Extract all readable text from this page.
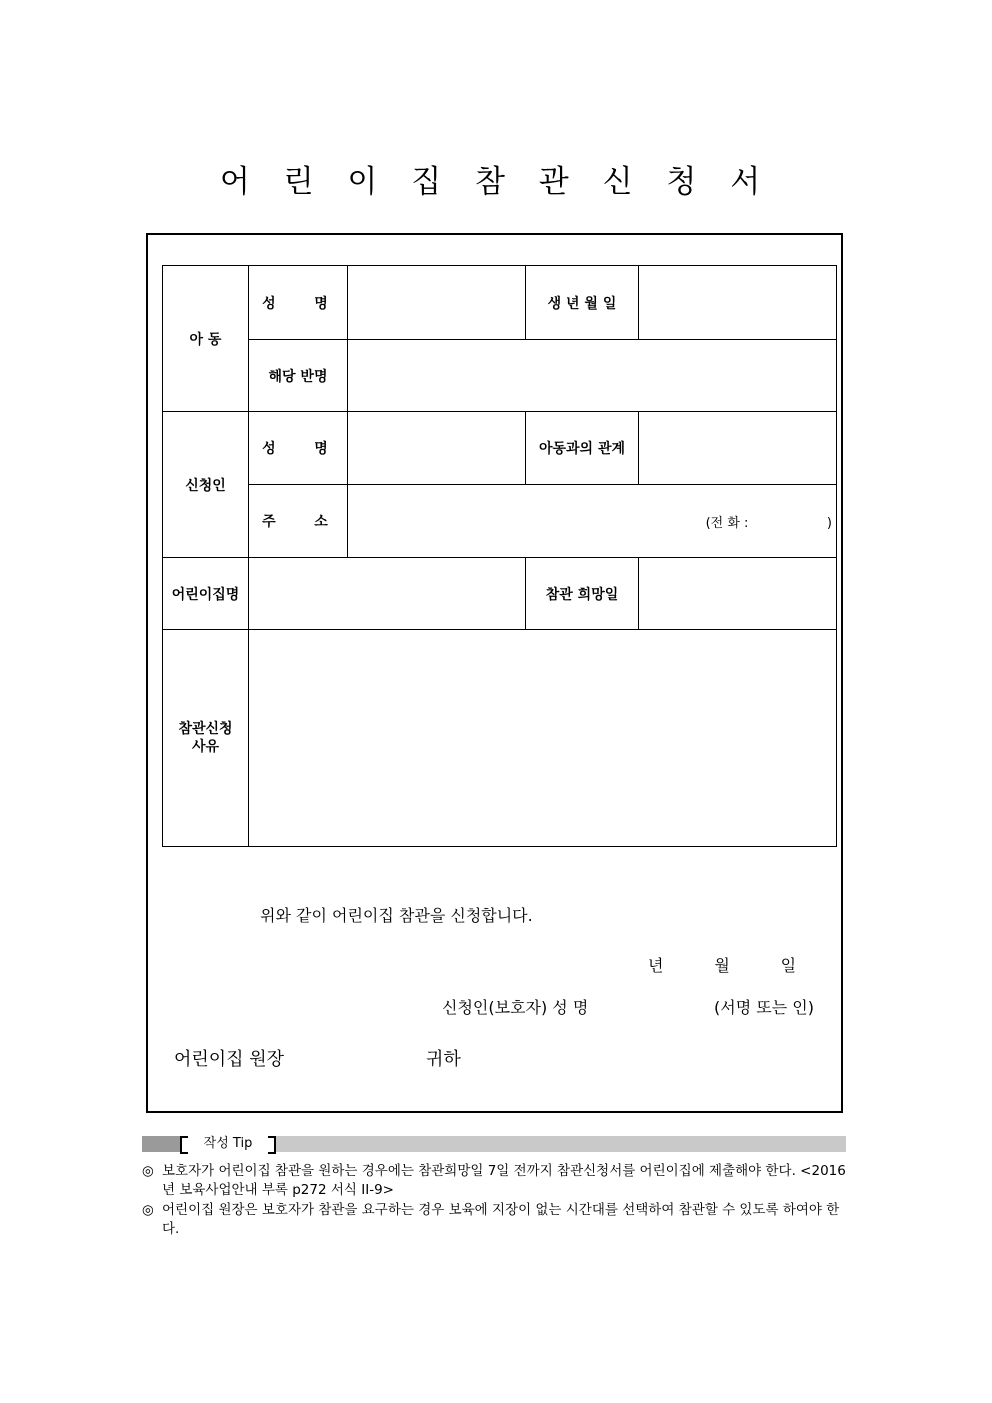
어 린 이 집 참 관 신 청 서
아 동	성   명		생 년 월 일	
	해당 반명			
신청인	성   명		아동과의 관계	
	주   소	(전 화 :                   )		
어린이집명			참관 희망일	
참관신청
사유				
위와 같이 어린이집 참관을 신청합니다.
년          월          일
신청인(보호자) 성 명	(서명 또는 인)
어린이집 원장	귀하
작성 Tip
◎ 보호자가 어린이집 참관을 원하는 경우에는 참관희망일 7일 전까지 참관신청서를 어린이집에 제출해야 한다. <2016년 보육사업안내 부록 p272 서식 II-9>
◎ 어린이집 원장은 보호자가 참관을 요구하는 경우 보육에 지장이 없는 시간대를 선택하여 참관할 수 있도록 하여야 한다.
